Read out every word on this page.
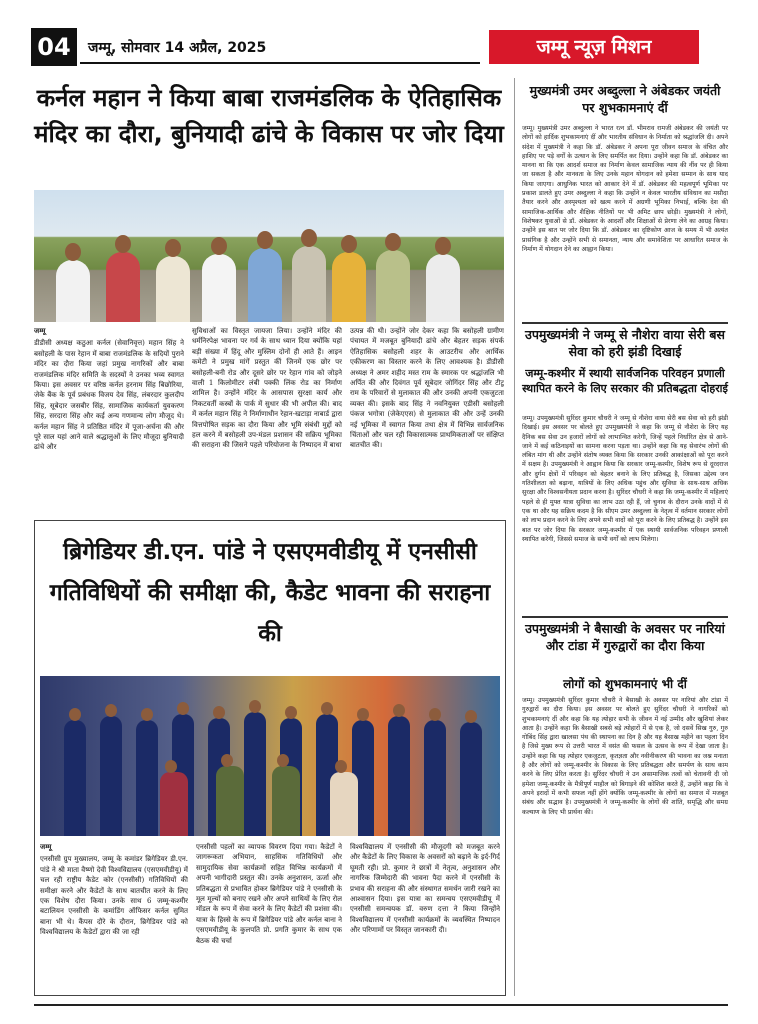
04	जम्मू, सोमवार 14 अप्रैल, 2025	जम्मू न्यूज़ मिशन
कर्नल महान ने किया बाबा राजमंडलिक के ऐतिहासिक मंदिर का दौरा, बुनियादी ढांचे के विकास पर जोर दिया
जम्मू
डीडीसी अध्यक्ष कठुआ कर्नल (सेवानिवृत्त) महान सिंह ने बसोहली के पास रेहान में बाबा राजमंडलिक के सदियों पुराने मंदिर का दौरा किया जहां प्रमुख नागरिकों और बाबा राजमंडलिक मंदिर समिति के सदस्यों ने उनका भव्य स्वागत किया। इस अवसर पर वरिष्ठ कर्नल हरनाम सिंह बिछोरिया, जेके बैंक के पूर्व प्रबंधक विजय देव सिंह, लंबरदार कुलदीप सिंह, सूबेदार जसबीर सिंह, सामाजिक कार्यकर्ता युवकरण सिंह, सरदारा सिंह और कई अन्य गणमान्य लोग मौजूद थे। कर्नल महान सिंह ने प्रतिष्ठित मंदिर में पूजा-अर्चना की और पूरे साल यहां आने वाले श्रद्धालुओं के लिए मौजूदा बुनियादी ढांचे और
सुविधाओं का विस्तृत जायजा लिया। उन्होंने मंदिर की धर्मनिरपेक्ष भावना पर गर्व के साथ ध्यान दिया क्योंकि यहां बड़ी संख्या में हिंदू और मुस्लिम दोनों ही आते हैं। आइन कमेटी ने प्रमुख मांगें प्रस्तुत कीं जिनमें एक छोर पर बसोहली-बनी रोड और दूसरे छोर पर रेहान गांव को जोड़ने वाली 1 किलोमीटर लंबी पक्की लिंक रोड का निर्माण शामिल है। उन्होंने मंदिर के आसपास सुरक्षा कार्य और निकटवर्ती कस्बों के पार्क में सुधार की भी अपील की। बाद में कर्नल महान सिंह ने निर्माणाधीन रेहान-खटाड़ा नाबार्ड द्वारा वित्तपोषित सड़क का दौरा किया और भूमि संबंधी मुद्दों को हल करने में बसोहली उप-मंडल प्रशासन की सक्रिय भूमिका की सराहना की जिसने पहले परियोजना के निष्पादन में बाधा
उत्पन्न की थी। उन्होंने जोर देकर कहा कि बसोहली ग्रामीण पंचायत में मजबूत बुनियादी ढांचे और बेहतर सड़क संपर्क ऐतिहासिक बसोहली शहर के आउटरीच और आर्थिक एकीकरण का विस्तार करने के लिए आवश्यक है। डीडीसी अध्यक्ष ने अमर शहीद मस्त राम के स्मारक पर श्रद्धांजलि भी अर्पित की और दिवंगत पूर्व सूबेदार जोगिंदर सिंह और टीटू राम के परिवारों से मुलाकात की और उनकी अपनी एकजुटता व्यक्त की। इसके बाद सिंह ने नवनियुक्त एडीसी बसोहली पंकज भगोत्रा (जेकेएएस) से मुलाकात की और उन्हें उनकी नई भूमिका में स्वागत किया तथा क्षेत्र में विभिन्न सार्वजनिक चिंताओं और चल रही विकासात्मक प्राथमिकताओं पर संक्षिप्त बातचीत की।
ब्रिगेडियर डी.एन. पांडे ने एसएमवीडीयू में एनसीसी गतिविधियों की समीक्षा की, कैडेट भावना की सराहना की
जम्मू
एनसीसी ग्रुप मुख्यालय, जम्मू के कमांडर ब्रिगेडियर डी.एन. पांडे ने श्री माता वैष्णो देवी विश्वविद्यालय (एसएमवीडीयू) में चल रही राष्ट्रीय कैडेट कोर (एनसीसी) गतिविधियों की समीक्षा करने और कैडेटों के साथ बातचीत करने के लिए एक विशेष दौरा किया। उनके साथ 6 जम्मू-कश्मीर बटालियन एनसीसी के कमांडिंग ऑफिसर कर्नल सुमित बाना भी थे। कैंपस दौरे के दौरान, ब्रिगेडियर पांडे को विश्वविद्यालय के कैडेटों द्वारा की जा रही
एनसीसी पहलों का व्यापक विवरण दिया गया। कैडेटों ने जागरूकता अभियान, साहसिक गतिविधियों और सामुदायिक सेवा कार्यक्रमों सहित विभिन्न कार्यक्रमों में अपनी भागीदारी प्रस्तुत की। उनके अनुशासन, ऊर्जा और प्रतिबद्धता से प्रभावित होकर ब्रिगेडियर पांडे ने एनसीसी के मूल मूल्यों को बनाए रखने और अपने साथियों के लिए रोल मॉडल के रूप में सेवा करने के लिए कैडेटों की प्रशंसा की। यात्रा के हिस्से के रूप में ब्रिगेडियर पांडे और कर्नल बाना ने एसएमवीडीयू के कुलपति प्रो. प्रगति कुमार के साथ एक बैठक की चर्चा
विश्वविद्यालय में एनसीसी की मौजूदगी को मजबूत करने और कैडेटों के लिए विकास के अवसरों को बढ़ाने के इर्द-गिर्द घूमती रही। प्रो. कुमार ने छात्रों में नेतृत्व, अनुशासन और नागरिक जिम्मेदारी की भावना पैदा करने में एनसीसी के प्रभाव की सराहना की और संस्थागत समर्थन जारी रखने का आश्वासन दिया। इस यात्रा का समन्वय एसएमवीडीयू में एनसीसी समन्वयक डॉ. वरुण दत्ता ने किया जिन्होंने विश्वविद्यालय में एनसीसी कार्यक्रमों के व्यवस्थित निष्पादन और परिणामों पर विस्तृत जानकारी दी।
मुख्यमंत्री उमर अब्दुल्ला ने अंबेडकर जयंती पर शुभकामनाएं दीं
जम्मू। मुख्यमंत्री उमर अब्दुल्ला ने भारत रत्न डॉ. भीमराव रामजी अंबेडकर की जयंती पर लोगों को हार्दिक शुभकामनाएं दीं और भारतीय संविधान के निर्माता को श्रद्धांजलि दी। अपने संदेश में मुख्यमंत्री ने कहा कि डॉ. अंबेडकर ने अपना पूरा जीवन समाज के वंचित और हाशिए पर पड़े वर्गों के उत्थान के लिए समर्पित कर दिया। उन्होंने कहा कि डॉ. अंबेडकर का मानना था कि एक आदर्श समाज का निर्माण केवल सामाजिक न्याय की नींव पर ही किया जा सकता है और मानवता के लिए उनके महान योगदान को हमेशा सम्मान के साथ याद किया जाएगा। आधुनिक भारत को आकार देने में डॉ. अंबेडकर की महत्वपूर्ण भूमिका पर प्रकाश डालते हुए उमर अब्दुल्ला ने कहा कि उन्होंने न केवल भारतीय संविधान का मसौदा तैयार करने और अस्पृश्यता को खत्म करने में अग्रणी भूमिका निभाई, बल्कि देश की सामाजिक-आर्थिक और शैक्षिक नीतियों पर भी अमिट छाप छोड़ी। मुख्यमंत्री ने लोगों, विशेषकर युवाओं से डॉ. अंबेडकर के आदर्शों और शिक्षाओं से प्रेरणा लेने का आग्रह किया। उन्होंने इस बात पर जोर दिया कि डॉ. अंबेडकर का दृष्टिकोण आज के समय में भी अत्यंत प्रासंगिक है और उन्होंने सभी से समानता, न्याय और समावेशिता पर आधारित समाज के निर्माण में योगदान देने का आह्वान किया।
उपमुख्यमंत्री ने जम्मू से नौशेरा वाया सेरी बस सेवा को हरी झंडी दिखाई
जम्मू-कश्मीर में स्थायी सार्वजनिक परिवहन प्रणाली स्थापित करने के लिए सरकार की प्रतिबद्धता दोहराई
जम्मू। उपमुख्यमंत्री सुरिंदर कुमार चौधरी ने जम्मू से नौशेरा वाया सेरी बस सेवा को हरी झंडी दिखाई। इस अवसर पर बोलते हुए उपमुख्यमंत्री ने कहा कि जम्मू से नौशेरा के लिए यह दैनिक बस सेवा उन हजारों लोगों को लाभान्वित करेगी, जिन्हें पहले निर्धारित क्षेत्र से आने-जाने में कई कठिनाइयों का सामना करना पड़ता था। उन्होंने कहा कि यह सेवारंभ लोगों की लंबित मांग थी और उन्होंने संतोष व्यक्त किया कि सरकार उनकी आकांक्षाओं को पूरा करने में सक्षम है। उपमुख्यमंत्री ने आह्वान किया कि सरकार जम्मू-कश्मीर, विशेष रूप से दूरदराज और दुर्गम क्षेत्रों में परिवहन को बेहतर बनाने के लिए प्रतिबद्ध है, जिसका उद्देश्य जन गतिशीलता को बढ़ाना, यात्रियों के लिए अधिक पहुंच और सुविधा के साथ-साथ अधिक सुरक्षा और विश्वसनीयता प्रदान करना है। सुरिंदर चौधरी ने कहा कि जम्मू-कश्मीर में महिलाएं पहले से ही मुफ्त यात्रा सुविधा का लाभ उठा रही हैं, जो चुनाव के दौरान उनके वादों में से एक था और यह सक्रिय कदम है कि सीएम उमर अब्दुल्ला के नेतृत्व में वर्तमान सरकार लोगों को लाभ प्रदान करने के लिए अपने सभी वादों को पूरा करने के लिए प्रतिबद्ध है। उन्होंने इस बात पर जोर दिया कि सरकार जम्मू-कश्मीर में एक स्थायी सार्वजनिक परिवहन प्रणाली स्थापित करेगी, जिससे समाज के सभी वर्गों को लाभ मिलेगा।
उपमुख्यमंत्री ने बैसाखी के अवसर पर नारियां और टांडा में गुरुद्वारों का दौरा किया
लोगों को शुभकामनाएं भी दीं
जम्मू। उपमुख्यमंत्री सुरिंदर कुमार चौधरी ने बैसाखी के अवसर पर नारियां और टांडा में गुरुद्वारों का दौरा किया। इस अवसर पर बोलते हुए सुरिंदर चौधरी ने नागरिकों को शुभकामनाएं दीं और कहा कि यह त्योहार सभी के जीवन में नई उम्मीद और खुशियां लेकर आता है। उन्होंने कहा कि बैसाखी सबसे बड़े त्योहारों में से एक है, जो दसवें सिख गुरु, गुरु गोबिंद सिंह द्वारा खालसा पंथ की स्थापना का दिन है और यह बैसाख महीने का पहला दिन है जिसे मुख्य रूप से उत्तरी भारत में वसंत की फसल के उत्सव के रूप में देखा जाता है। उन्होंने कहा कि यह त्योहार एकजुटता, कृतज्ञता और नवीनीकरण की भावना का जश्न मनाता है और लोगों को जम्मू-कश्मीर के विकास के लिए प्रतिबद्धता और समर्पण के साथ काम करने के लिए प्रेरित करता है। सुरिंदर चौधरी ने उन असामाजिक तत्वों को चेतावनी दी जो हमेशा जम्मू-कश्मीर के मैत्रीपूर्ण माहौल को बिगाड़ने की कोशिश करते हैं, उन्होंने कहा कि वे अपने इरादों में कभी सफल नहीं होंगे क्योंकि जम्मू-कश्मीर के लोगों का समाज में मजबूत संबंध और सद्भाव है। उपमुख्यमंत्री ने जम्मू-कश्मीर के लोगों की शांति, समृद्धि और समग्र कल्याण के लिए भी प्रार्थना की।
